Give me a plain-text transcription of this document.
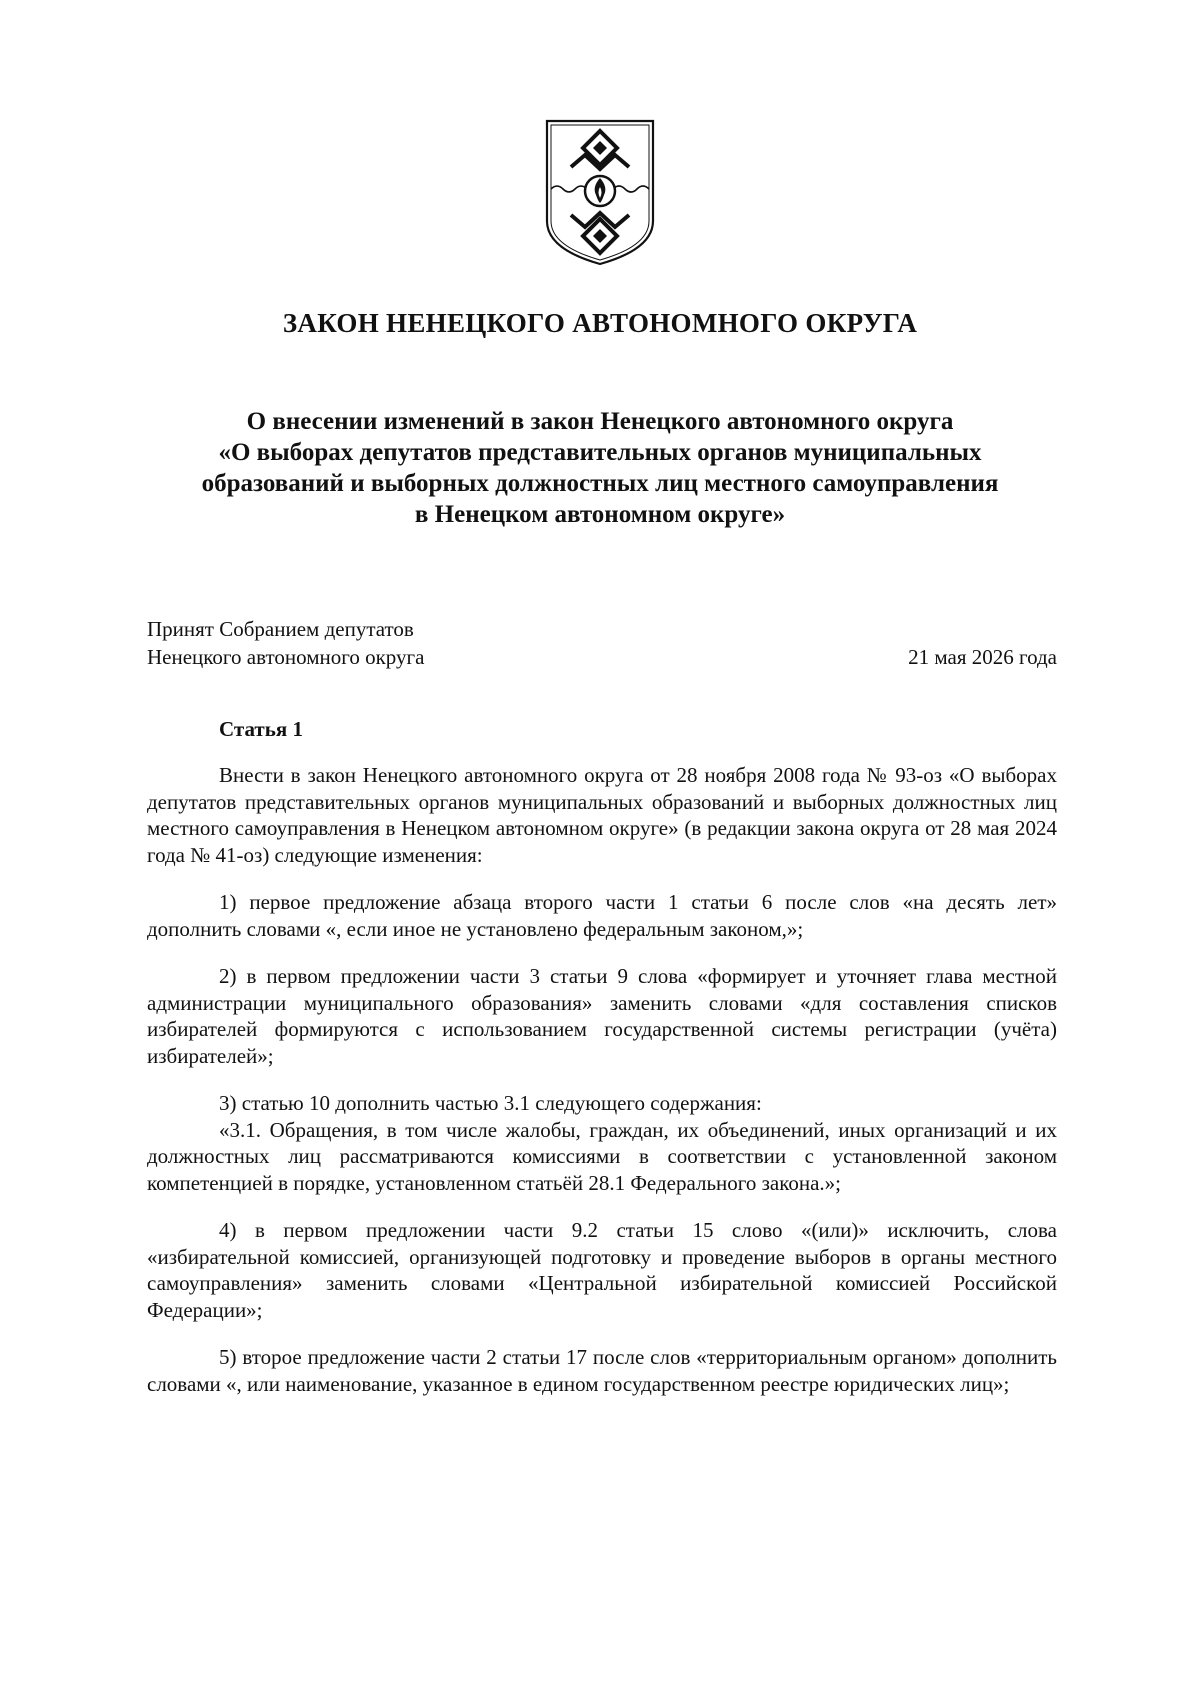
ЗАКОН НЕНЕЦКОГО АВТОНОМНОГО ОКРУГА
О внесении изменений в закон Ненецкого автономного округа
«О выборах депутатов представительных органов муниципальных
образований и выборных должностных лиц местного самоуправления
в Ненецком автономном округе»
Принят Собранием депутатов
Ненецкого автономного округа	21 мая 2026 года
Статья 1

Внести в закон Ненецкого автономного округа от 28 ноября 2008 года № 93-оз «О выборах депутатов представительных органов муниципальных образований и выборных должностных лиц местного самоуправления в Ненецком автономном округе» (в редакции закона округа от 28 мая 2024 года № 41-оз) следующие изменения:

1) первое предложение абзаца второго части 1 статьи 6 после слов «на десять лет» дополнить словами «, если иное не установлено федеральным законом,»;

2) в первом предложении части 3 статьи 9 слова «формирует и уточняет глава местной администрации муниципального образования» заменить словами «для составления списков избирателей формируются с использованием государственной системы регистрации (учёта) избирателей»;

3) статью 10 дополнить частью 3.1 следующего содержания:

«3.1. Обращения, в том числе жалобы, граждан, их объединений, иных организаций и их должностных лиц рассматриваются комиссиями в соответствии с установленной законом компетенцией в порядке, установленном статьёй 28.1 Федерального закона.»;

4) в первом предложении части 9.2 статьи 15 слово «(или)» исключить, слова «избирательной комиссией, организующей подготовку и проведение выборов в органы местного самоуправления» заменить словами «Центральной избирательной комиссией Российской Федерации»;

5) второе предложение части 2 статьи 17 после слов «территориальным органом» дополнить словами «, или наименование, указанное в едином государственном реестре юридических лиц»;
